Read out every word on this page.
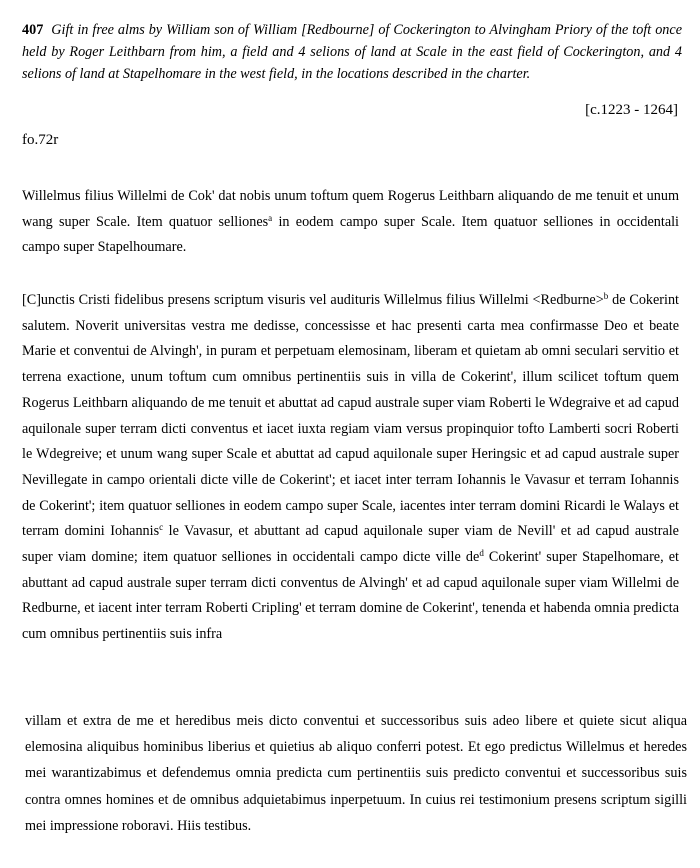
407 Gift in free alms by William son of William [Redbourne] of Cockerington to Alvingham Priory of the toft once held by Roger Leithbarn from him, a field and 4 selions of land at Scale in the east field of Cockerington, and 4 selions of land at Stapelhomare in the west field, in the locations described in the charter.
[c.1223 - 1264]
fo.72r
Willelmus filius Willelmi de Cok' dat nobis unum toftum quem Rogerus Leithbarn aliquando de me tenuit et unum wang super Scale. Item quatuor selliones$^a$ in eodem campo super Scale. Item quatuor selliones in occidentali campo super Stapelhoumare.
[C]unctis Cristi fidelibus presens scriptum visuris vel audituris Willelmus filius Willelmi <Redburne>$^b$ de Cokerint salutem. Noverit universitas vestra me dedisse, concessisse et hac presenti carta mea confirmasse Deo et beate Marie et conventui de Alvingh', in puram et perpetuam elemosinam, liberam et quietam ab omni seculari servitio et terrena exactione, unum toftum cum omnibus pertinentiis suis in villa de Cokerint', illum scilicet toftum quem Rogerus Leithbarn aliquando de me tenuit et abuttat ad capud australe super viam Roberti le Wdegraive et ad capud aquilonale super terram dicti conventus et iacet iuxta regiam viam versus propinquior tofto Lamberti socri Roberti le Wdegreive; et unum wang super Scale et abuttat ad capud aquilonale super Heringsic et ad capud australe super Nevillegate in campo orientali dicte ville de Cokerint'; et iacet inter terram Iohannis le Vavasur et terram Iohannis de Cokerint'; item quatuor selliones in eodem campo super Scale, iacentes inter terram domini Ricardi le Walays et terram domini Iohannis$^c$ le Vavasur, et abuttant ad capud aquilonale super viam de Nevill' et ad capud australe super viam domine; item quatuor selliones in occidentali campo dicte ville $de^d$ Cokerint' super Stapelhomare, et abuttant ad capud australe super terram dicti conventus de Alvingh' et ad capud aquilonale super viam Willelmi de Redburne, et iacent inter terram Roberti Cripling' et terram domine de Cokerint', tenenda et habenda omnia predicta cum omnibus pertinentiis suis infra
villam et extra de me et heredibus meis dicto conventui et successoribus suis adeo libere et quiete sicut aliqua elemosina aliquibus hominibus liberius et quietius ab aliquo conferri potest. Et ego predictus Willelmus et heredes mei warantizabimus et defendemus omnia predicta cum pertinentiis suis predicto conventui et successoribus suis contra omnes homines et de omnibus adquietabimus inperpetuum. In cuius rei testimonium presens scriptum sigilli mei impressione roboravi. Hiis testibus.
